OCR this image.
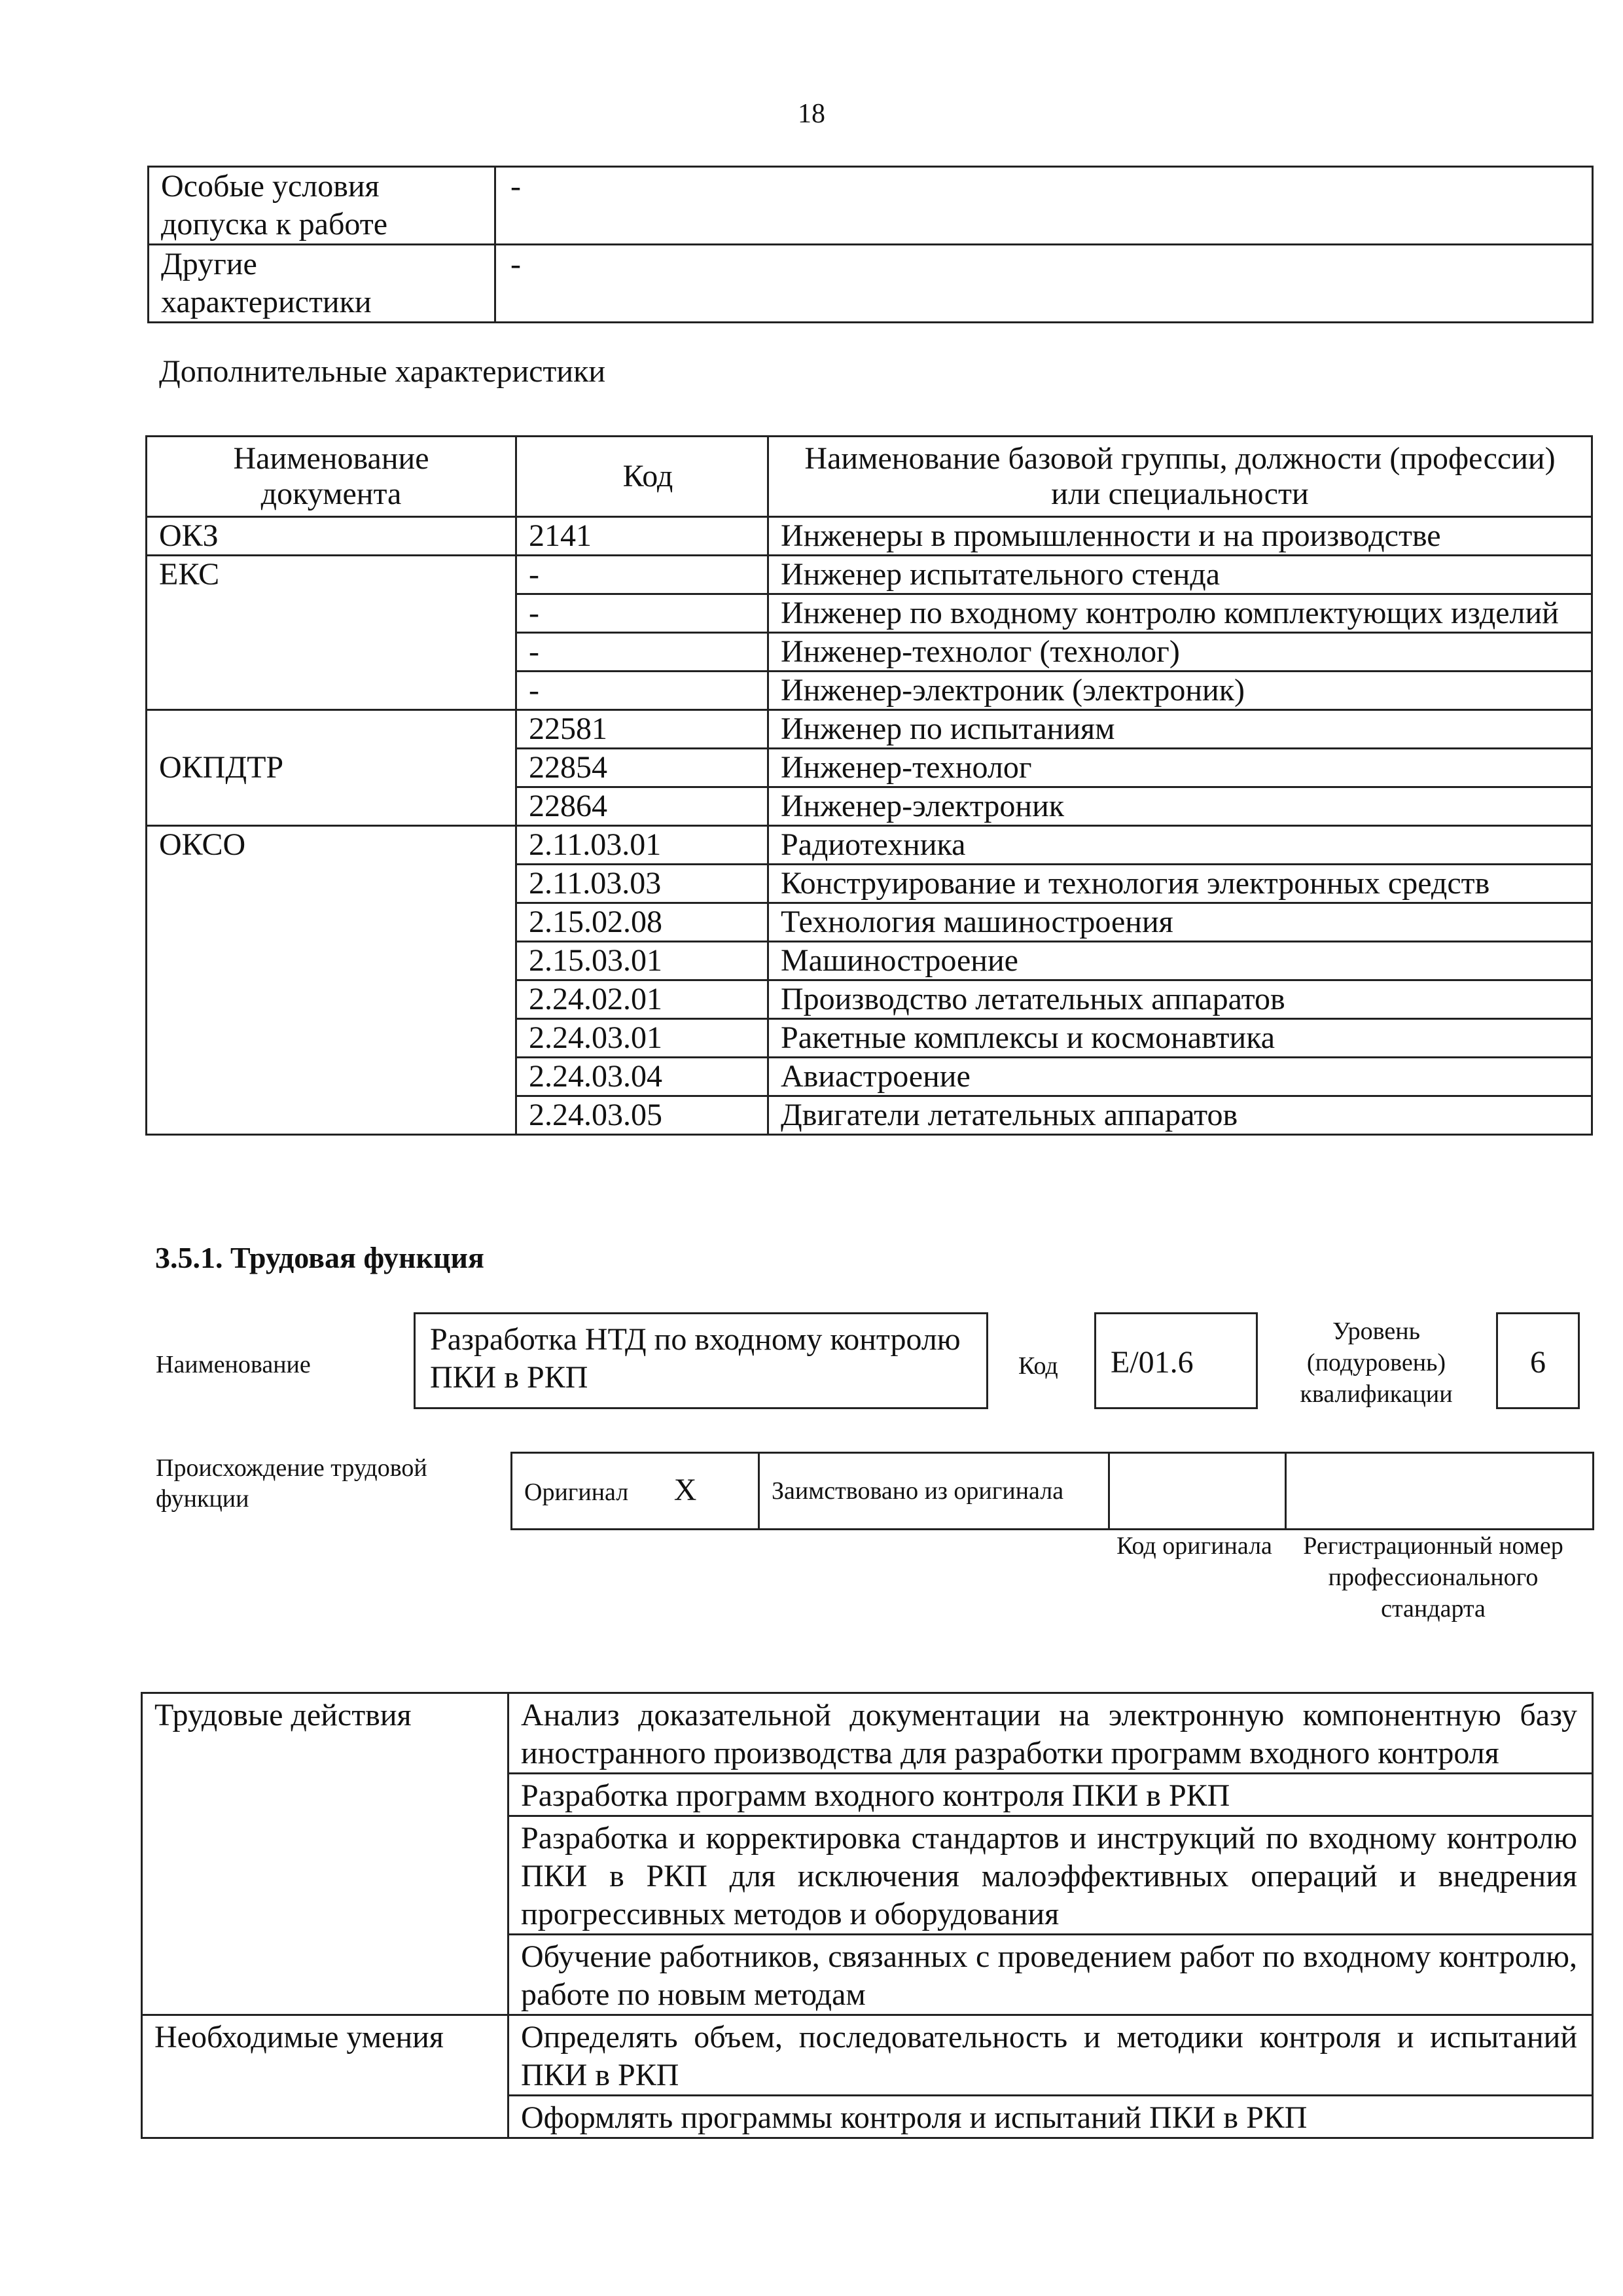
18
Особые условия допуска к работе	-
Другие характеристики	-
Дополнительные характеристики
Наименование документа	Код	Наименование базовой группы, должности (профессии) или специальности
ОКЗ	2141	Инженеры в промышленности и на производстве
ЕКС	-	Инженер испытательного стенда
	-	Инженер по входному контролю комплектующих изделий
	-	Инженер-технолог (технолог)
	-	Инженер-электроник (электроник)
ОКПДТР	22581	Инженер по испытаниям
	22854	Инженер-технолог
	22864	Инженер-электроник
ОКСО	2.11.03.01	Радиотехника
	2.11.03.03	Конструирование и технология электронных средств
	2.15.02.08	Технология машиностроения
	2.15.03.01	Машиностроение
	2.24.02.01	Производство летательных аппаратов
	2.24.03.01	Ракетные комплексы и космонавтика
	2.24.03.04	Авиастроение
	2.24.03.05	Двигатели летательных аппаратов
3.5.1. Трудовая функция
Наименование
Разработка НТД по входному контролю ПКИ в РКП	Код	E/01.6
Уровень (подуровень) квалификации
6
Происхождение трудовой функции	Оригинал X	Заимствовано из оригинала		
Код оригинала	Регистрационный номер профессионального стандарта
Трудовые действия	Анализ доказательной документации на электронную компонентную базу иностранного производства для разработки программ входного контроля
	Разработка программ входного контроля ПКИ в РКП
	Разработка и корректировка стандартов и инструкций по входному контролю ПКИ в РКП для исключения малоэффективных операций и внедрения прогрессивных методов и оборудования
	Обучение работников, связанных с проведением работ по входному контролю, работе по новым методам
Необходимые умения	Определять объем, последовательность и методики контроля и испытаний ПКИ в РКП
	Оформлять программы контроля и испытаний ПКИ в РКП
